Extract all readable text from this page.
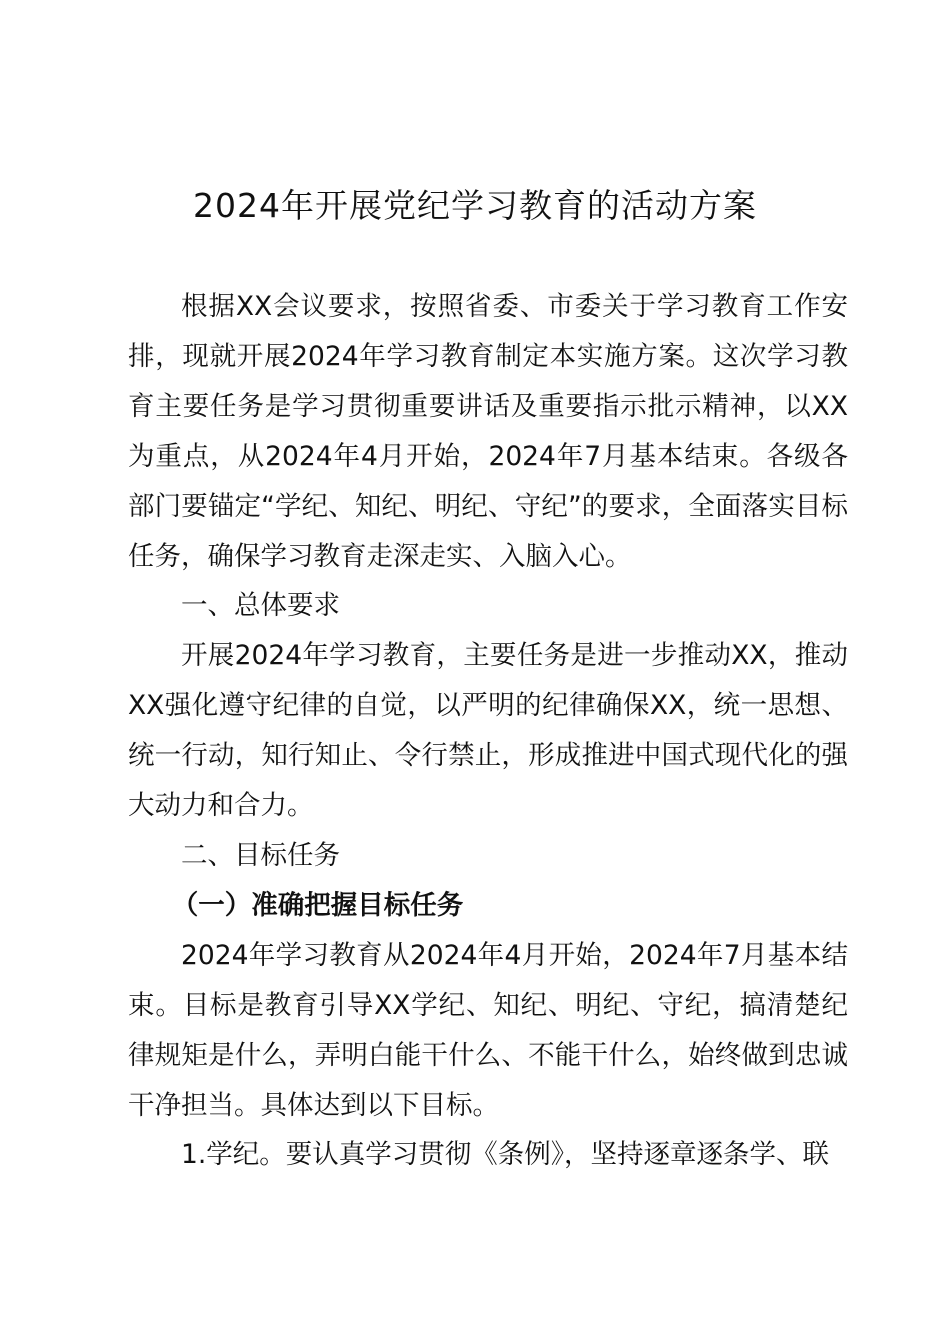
2024年开展党纪学习教育的活动方案

根据XX会议要求，按照省委、市委关于学习教育工作安排，现就开展2024年学习教育制定本实施方案。这次学习教育主要任务是学习贯彻重要讲话及重要指示批示精神，以XX为重点，从2024年4月开始，2024年7月基本结束。各级各部门要锚定“学纪、知纪、明纪、守纪”的要求，全面落实目标任务，确保学习教育走深走实、入脑入心。

一、总体要求

开展2024年学习教育，主要任务是进一步推动XX，推动XX强化遵守纪律的自觉，以严明的纪律确保XX，统一思想、统一行动，知行知止、令行禁止，形成推进中国式现代化的强大动力和合力。

二、目标任务

（一）准确把握目标任务

2024年学习教育从2024年4月开始，2024年7月基本结束。目标是教育引导XX学纪、知纪、明纪、守纪，搞清楚纪律规矩是什么，弄明白能干什么、不能干什么，始终做到忠诚干净担当。具体达到以下目标。

1.学纪。要认真学习贯彻《条例》，坚持逐章逐条学、联
